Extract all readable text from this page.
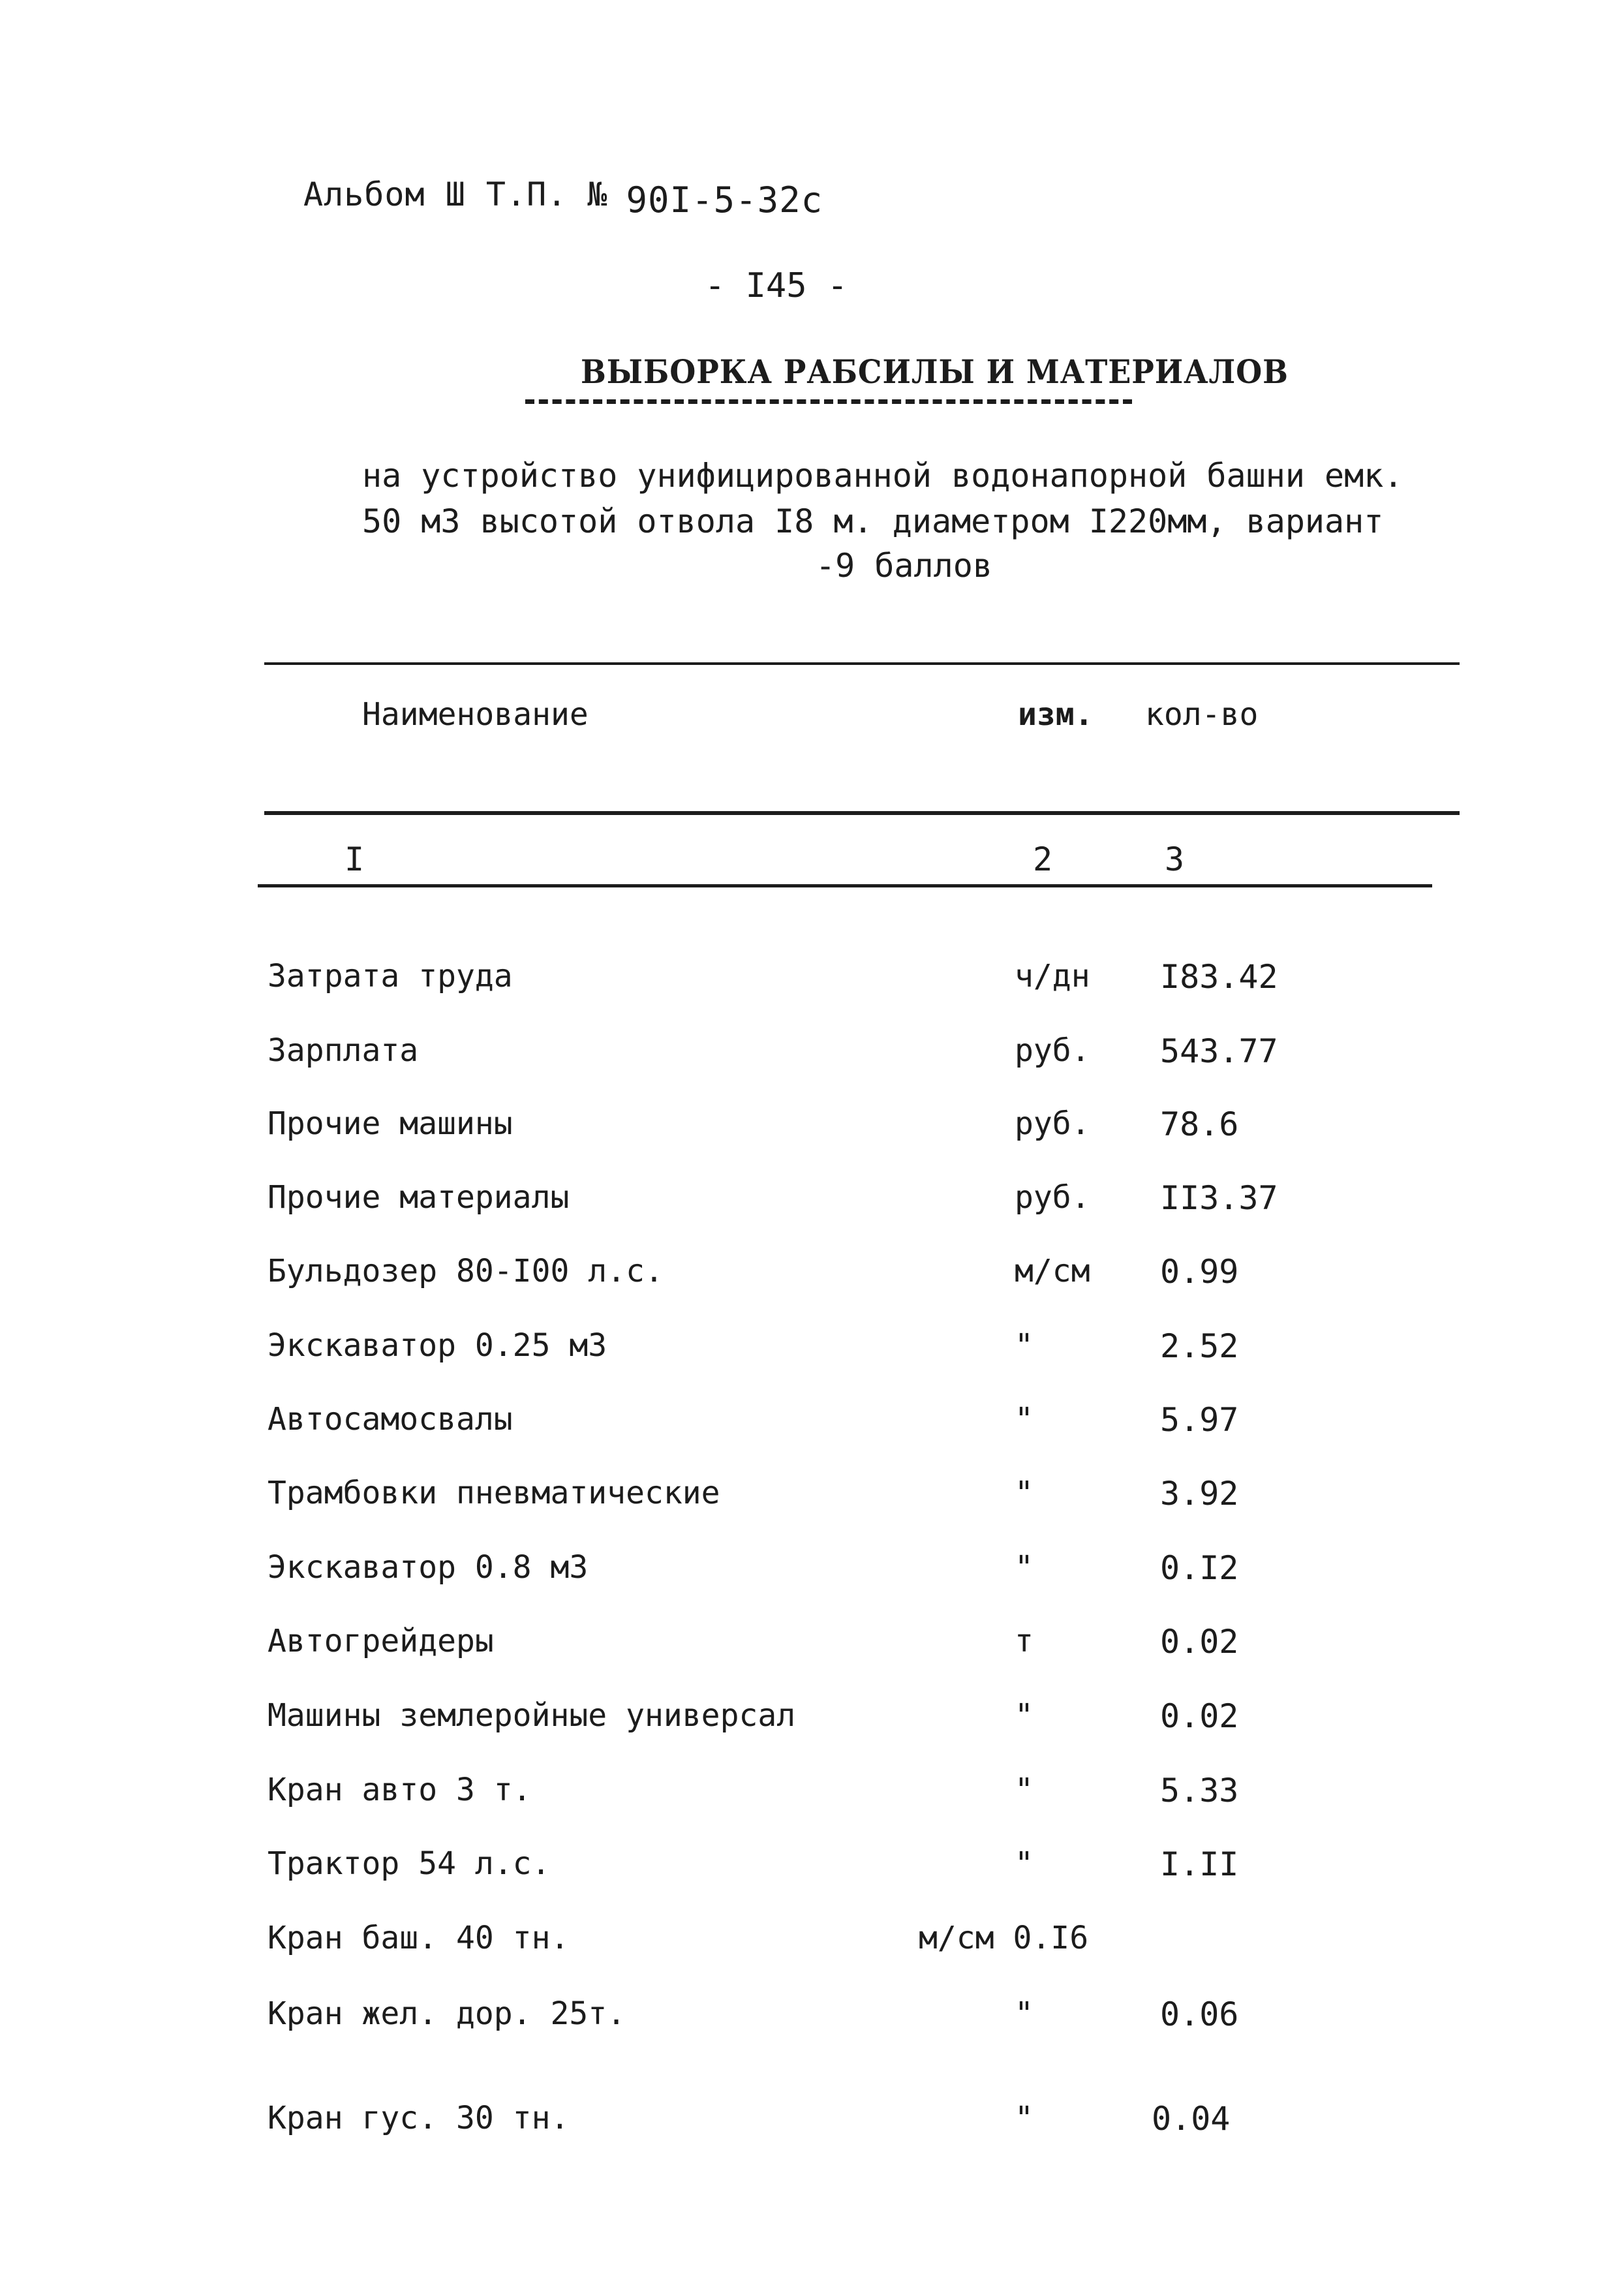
Альбом Ш Т.П. № 90I-5-32с
- I45 -
ВЫБОРКА РАБСИЛЫ И МАТЕРИАЛОВ
на устройство унифицированной водонапорной башни емк.
50 м3 высотой отвола I8 м. диаметром I220мм, вариант
-9 баллов
Наименование	изм. кол-во
I	2	3
Затрата труда	ч/дн I83.42
Зарплата	руб. 543.77
Прочие машины	руб. 78.6
Прочие материалы	руб. II3.37
Бульдозер 80-I00 л.с.	м/см 0.99
Экскаватор 0.25 м3	"	2.52
Автосамосвалы	"	5.97
Трамбовки пневматические	"	3.92
Экскаватор 0.8 м3	"	0.I2
Автогрейдеры	т	0.02
Машины землеройные универсал	"	0.02
Кран авто 3 т.	"	5.33
Трактор 54 л.с.	"	I.II
Кран баш. 40 тн.	м/см 0.I6
Кран жел. дор. 25т.	"	0.06
Кран гус. 30 тн.	"	0.04
